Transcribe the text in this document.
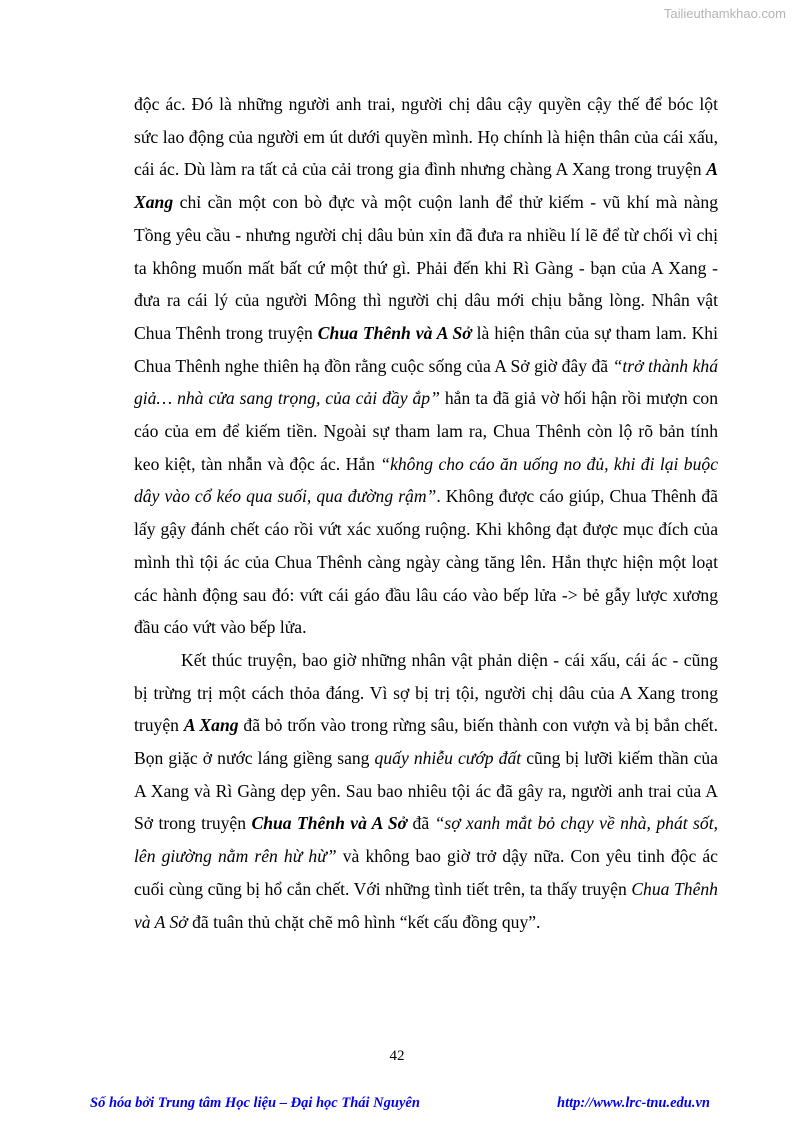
Tailieuthamkhao.com

độc ác. Đó là những người anh trai, người chị dâu cậy quyền cậy thế để bóc lột sức lao động của người em út dưới quyền mình. Họ chính là hiện thân của cái xấu, cái ác. Dù làm ra tất cả của cải trong gia đình nhưng chàng A Xang trong truyện A Xang chỉ cần một con bò đực và một cuộn lanh để thử kiếm - vũ khí mà nàng Tồng yêu cầu - nhưng người chị dâu bủn xỉn đã đưa ra nhiều lí lẽ để từ chối vì chị ta không muốn mất bất cứ một thứ gì. Phải đến khi Rì Gàng - bạn của A Xang - đưa ra cái lý của người Mông thì người chị dâu mới chịu bằng lòng. Nhân vật Chua Thênh trong truyện Chua Thênh và A Sở là hiện thân của sự tham lam. Khi Chua Thênh nghe thiên hạ đồn rằng cuộc sống của A Sở giờ đây đã “trở thành khá giả… nhà cửa sang trọng, của cải đầy ắp” hắn ta đã giả vờ hối hận rồi mượn con cáo của em để kiếm tiền. Ngoài sự tham lam ra, Chua Thênh còn lộ rõ bản tính keo kiệt, tàn nhẫn và độc ác. Hắn “không cho cáo ăn uống no đủ, khi đi lại buộc dây vào cổ kéo qua suối, qua đường rậm”. Không được cáo giúp, Chua Thênh đã lấy gậy đánh chết cáo rồi vứt xác xuống ruộng. Khi không đạt được mục đích của mình thì tội ác của Chua Thênh càng ngày càng tăng lên. Hắn thực hiện một loạt các hành động sau đó: vứt cái gáo đầu lâu cáo vào bếp lửa -> bẻ gẫy lược xương đầu cáo vứt vào bếp lửa.

Kết thúc truyện, bao giờ những nhân vật phản diện - cái xấu, cái ác - cũng bị trừng trị một cách thỏa đáng. Vì sợ bị trị tội, người chị dâu của A Xang trong truyện A Xang đã bỏ trốn vào trong rừng sâu, biến thành con vượn và bị bắn chết. Bọn giặc ở nước láng giềng sang quấy nhiễu cướp đất cũng bị lưỡi kiếm thần của A Xang và Rì Gàng dẹp yên. Sau bao nhiêu tội ác đã gây ra, người anh trai của A Sở trong truyện Chua Thênh và A Sở đã “sợ xanh mắt bỏ chạy về nhà, phát sốt, lên giường nằm rên hừ hừ” và không bao giờ trở dậy nữa. Con yêu tinh độc ác cuối cùng cũng bị hổ cắn chết. Với những tình tiết trên, ta thấy truyện Chua Thênh và A Sở đã tuân thủ chặt chẽ mô hình “kết cấu đồng quy”.

42
Số hóa bởi Trung tâm Học liệu – Đại học Thái Nguyên	http://www.lrc-tnu.edu.vn
